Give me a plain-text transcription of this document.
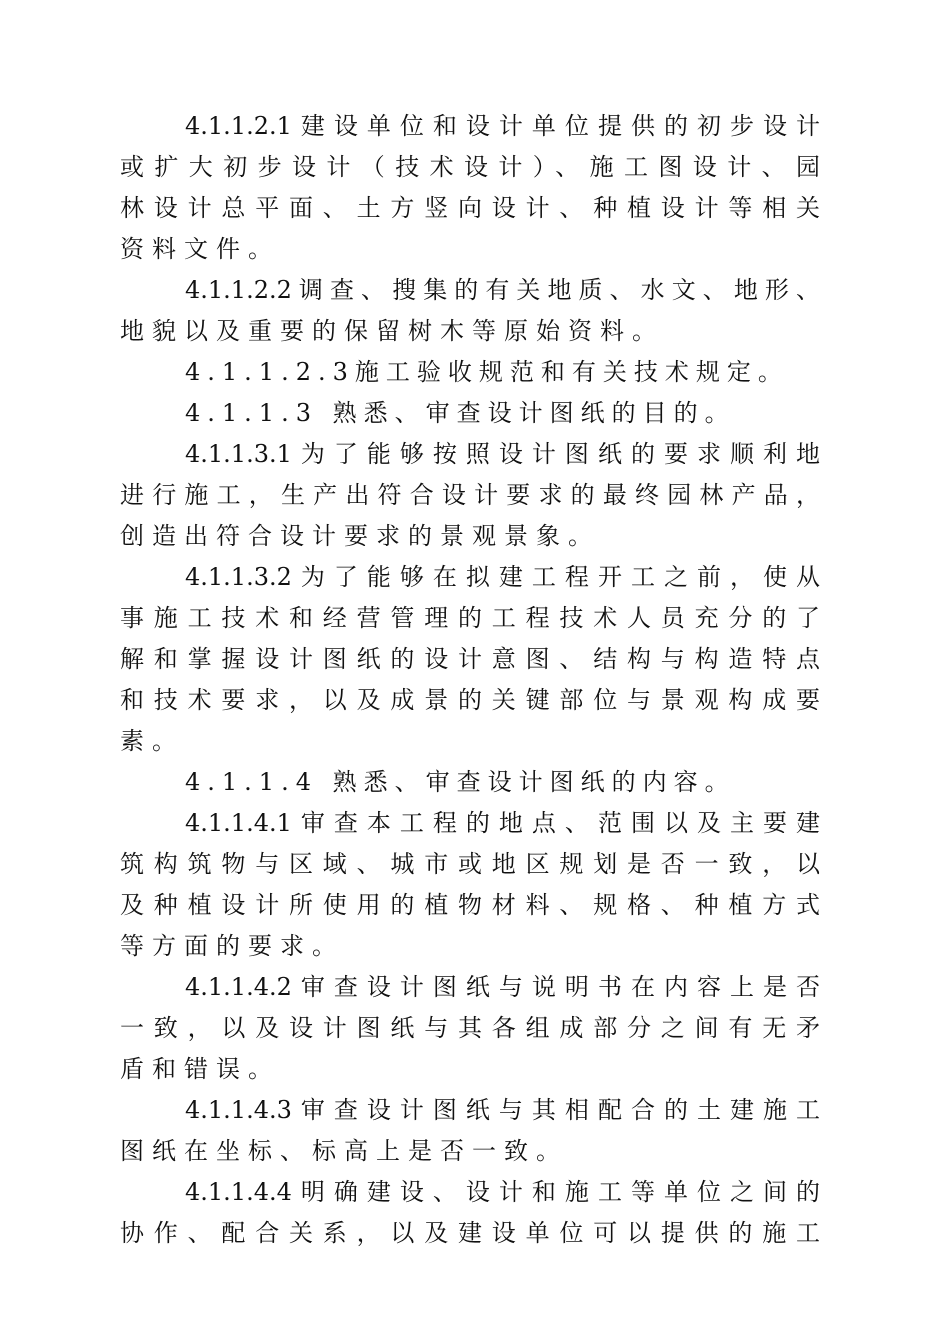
4.1.1.2.1建设单位和设计单位提供的初步设计
或扩大初步设计（技术设计）、施工图设计、园
林设计总平面、土方竖向设计、种植设计等相关
资料文件。
4.1.1.2.2调查、搜集的有关地质、水文、地形、
地貌以及重要的保留树木等原始资料。
4.1.1.2.3施工验收规范和有关技术规定。
4.1.1.3 熟悉、审查设计图纸的目的。
4.1.1.3.1为了能够按照设计图纸的要求顺利地
进行施工，生产出符合设计要求的最终园林产品，
创造出符合设计要求的景观景象。
4.1.1.3.2为了能够在拟建工程开工之前，使从
事施工技术和经营管理的工程技术人员充分的了
解和掌握设计图纸的设计意图、结构与构造特点
和技术要求，以及成景的关键部位与景观构成要
素。
4.1.1.4 熟悉、审查设计图纸的内容。
4.1.1.4.1审查本工程的地点、范围以及主要建
筑构筑物与区域、城市或地区规划是否一致，以
及种植设计所使用的植物材料、规格、种植方式
等方面的要求。
4.1.1.4.2审查设计图纸与说明书在内容上是否
一致，以及设计图纸与其各组成部分之间有无矛
盾和错误。
4.1.1.4.3审查设计图纸与其相配合的土建施工
图纸在坐标、标高上是否一致。
4.1.1.4.4明确建设、设计和施工等单位之间的
协作、配合关系，以及建设单位可以提供的施工
